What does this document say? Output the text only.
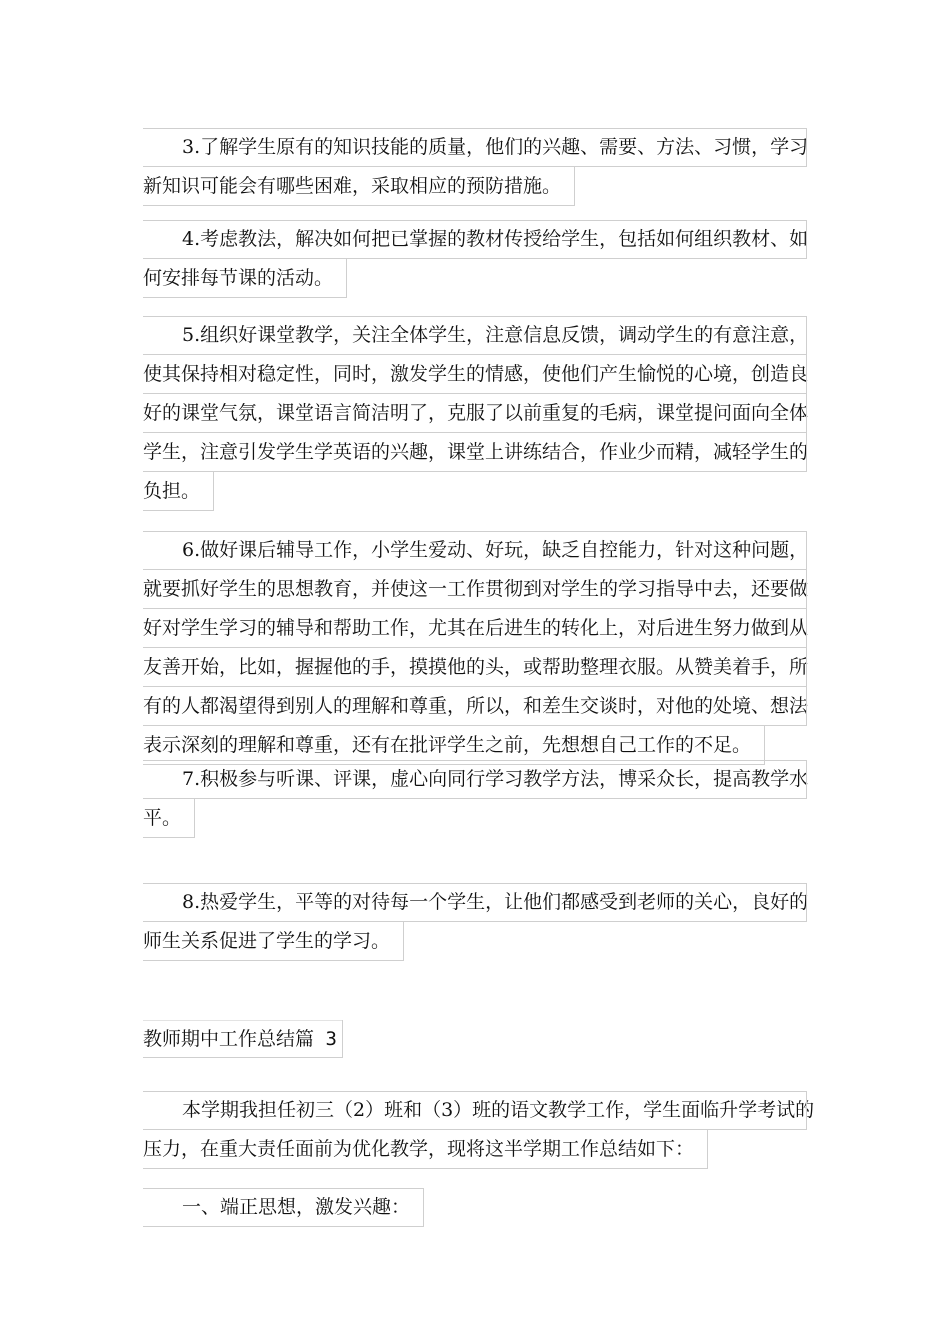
3.了解学生原有的知识技能的质量，他们的兴趣、需要、方法、习惯，学习
新知识可能会有哪些困难，采取相应的预防措施。
4.考虑教法，解决如何把已掌握的教材传授给学生，包括如何组织教材、如
何安排每节课的活动。
5.组织好课堂教学，关注全体学生，注意信息反馈，调动学生的有意注意，
使其保持相对稳定性，同时，激发学生的情感，使他们产生愉悦的心境，创造良
好的课堂气氛，课堂语言简洁明了，克服了以前重复的毛病，课堂提问面向全体
学生，注意引发学生学英语的兴趣，课堂上讲练结合，作业少而精，减轻学生的
负担。
6.做好课后辅导工作，小学生爱动、好玩，缺乏自控能力，针对这种问题，
就要抓好学生的思想教育，并使这一工作贯彻到对学生的学习指导中去，还要做
好对学生学习的辅导和帮助工作，尤其在后进生的转化上，对后进生努力做到从
友善开始，比如，握握他的手，摸摸他的头，或帮助整理衣服。从赞美着手，所
有的人都渴望得到别人的理解和尊重，所以，和差生交谈时，对他的处境、想法
表示深刻的理解和尊重，还有在批评学生之前，先想想自己工作的不足。
7.积极参与听课、评课，虚心向同行学习教学方法，博采众长，提高教学水
平。
8.热爱学生，平等的对待每一个学生，让他们都感受到老师的关心，良好的
师生关系促进了学生的学习。
教师期中工作总结篇 3
本学期我担任初三（2）班和（3）班的语文教学工作，学生面临升学考试的
压力，在重大责任面前为优化教学，现将这半学期工作总结如下：
一、端正思想，激发兴趣：
